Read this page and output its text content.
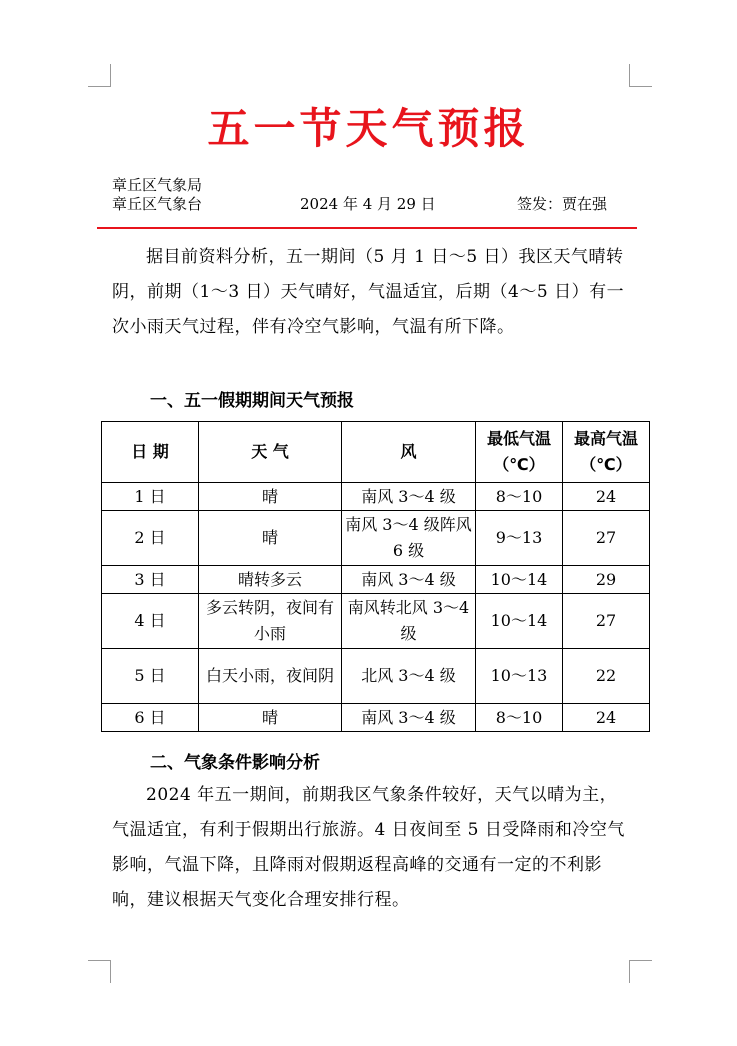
五一节天气预报
章丘区气象局
章丘区气象台	2024 年 4 月 29 日	签发：贾在强

据目前资料分析，五一期间（5 月 1 日～5 日）我区天气晴转阴，前期（1～3 日）天气晴好，气温适宜，后期（4～5 日）有一次小雨天气过程，伴有冷空气影响，气温有所下降。

一、五一假期期间天气预报
日 期	天 气	风	最低气温（℃）	最高气温（℃）
1 日	晴	南风 3～4 级	8～10	24
2 日	晴	南风 3～4 级阵风 6 级	9～13	27
3 日	晴转多云	南风 3～4 级	10～14	29
4 日	多云转阴，夜间有小雨	南风转北风 3～4 级	10～14	27
5 日	白天小雨，夜间阴	北风 3～4 级	10～13	22
6 日	晴	南风 3～4 级	8～10	24
二、气象条件影响分析

2024 年五一期间，前期我区气象条件较好，天气以晴为主，气温适宜，有利于假期出行旅游。4 日夜间至 5 日受降雨和冷空气影响，气温下降，且降雨对假期返程高峰的交通有一定的不利影响，建议根据天气变化合理安排行程。
